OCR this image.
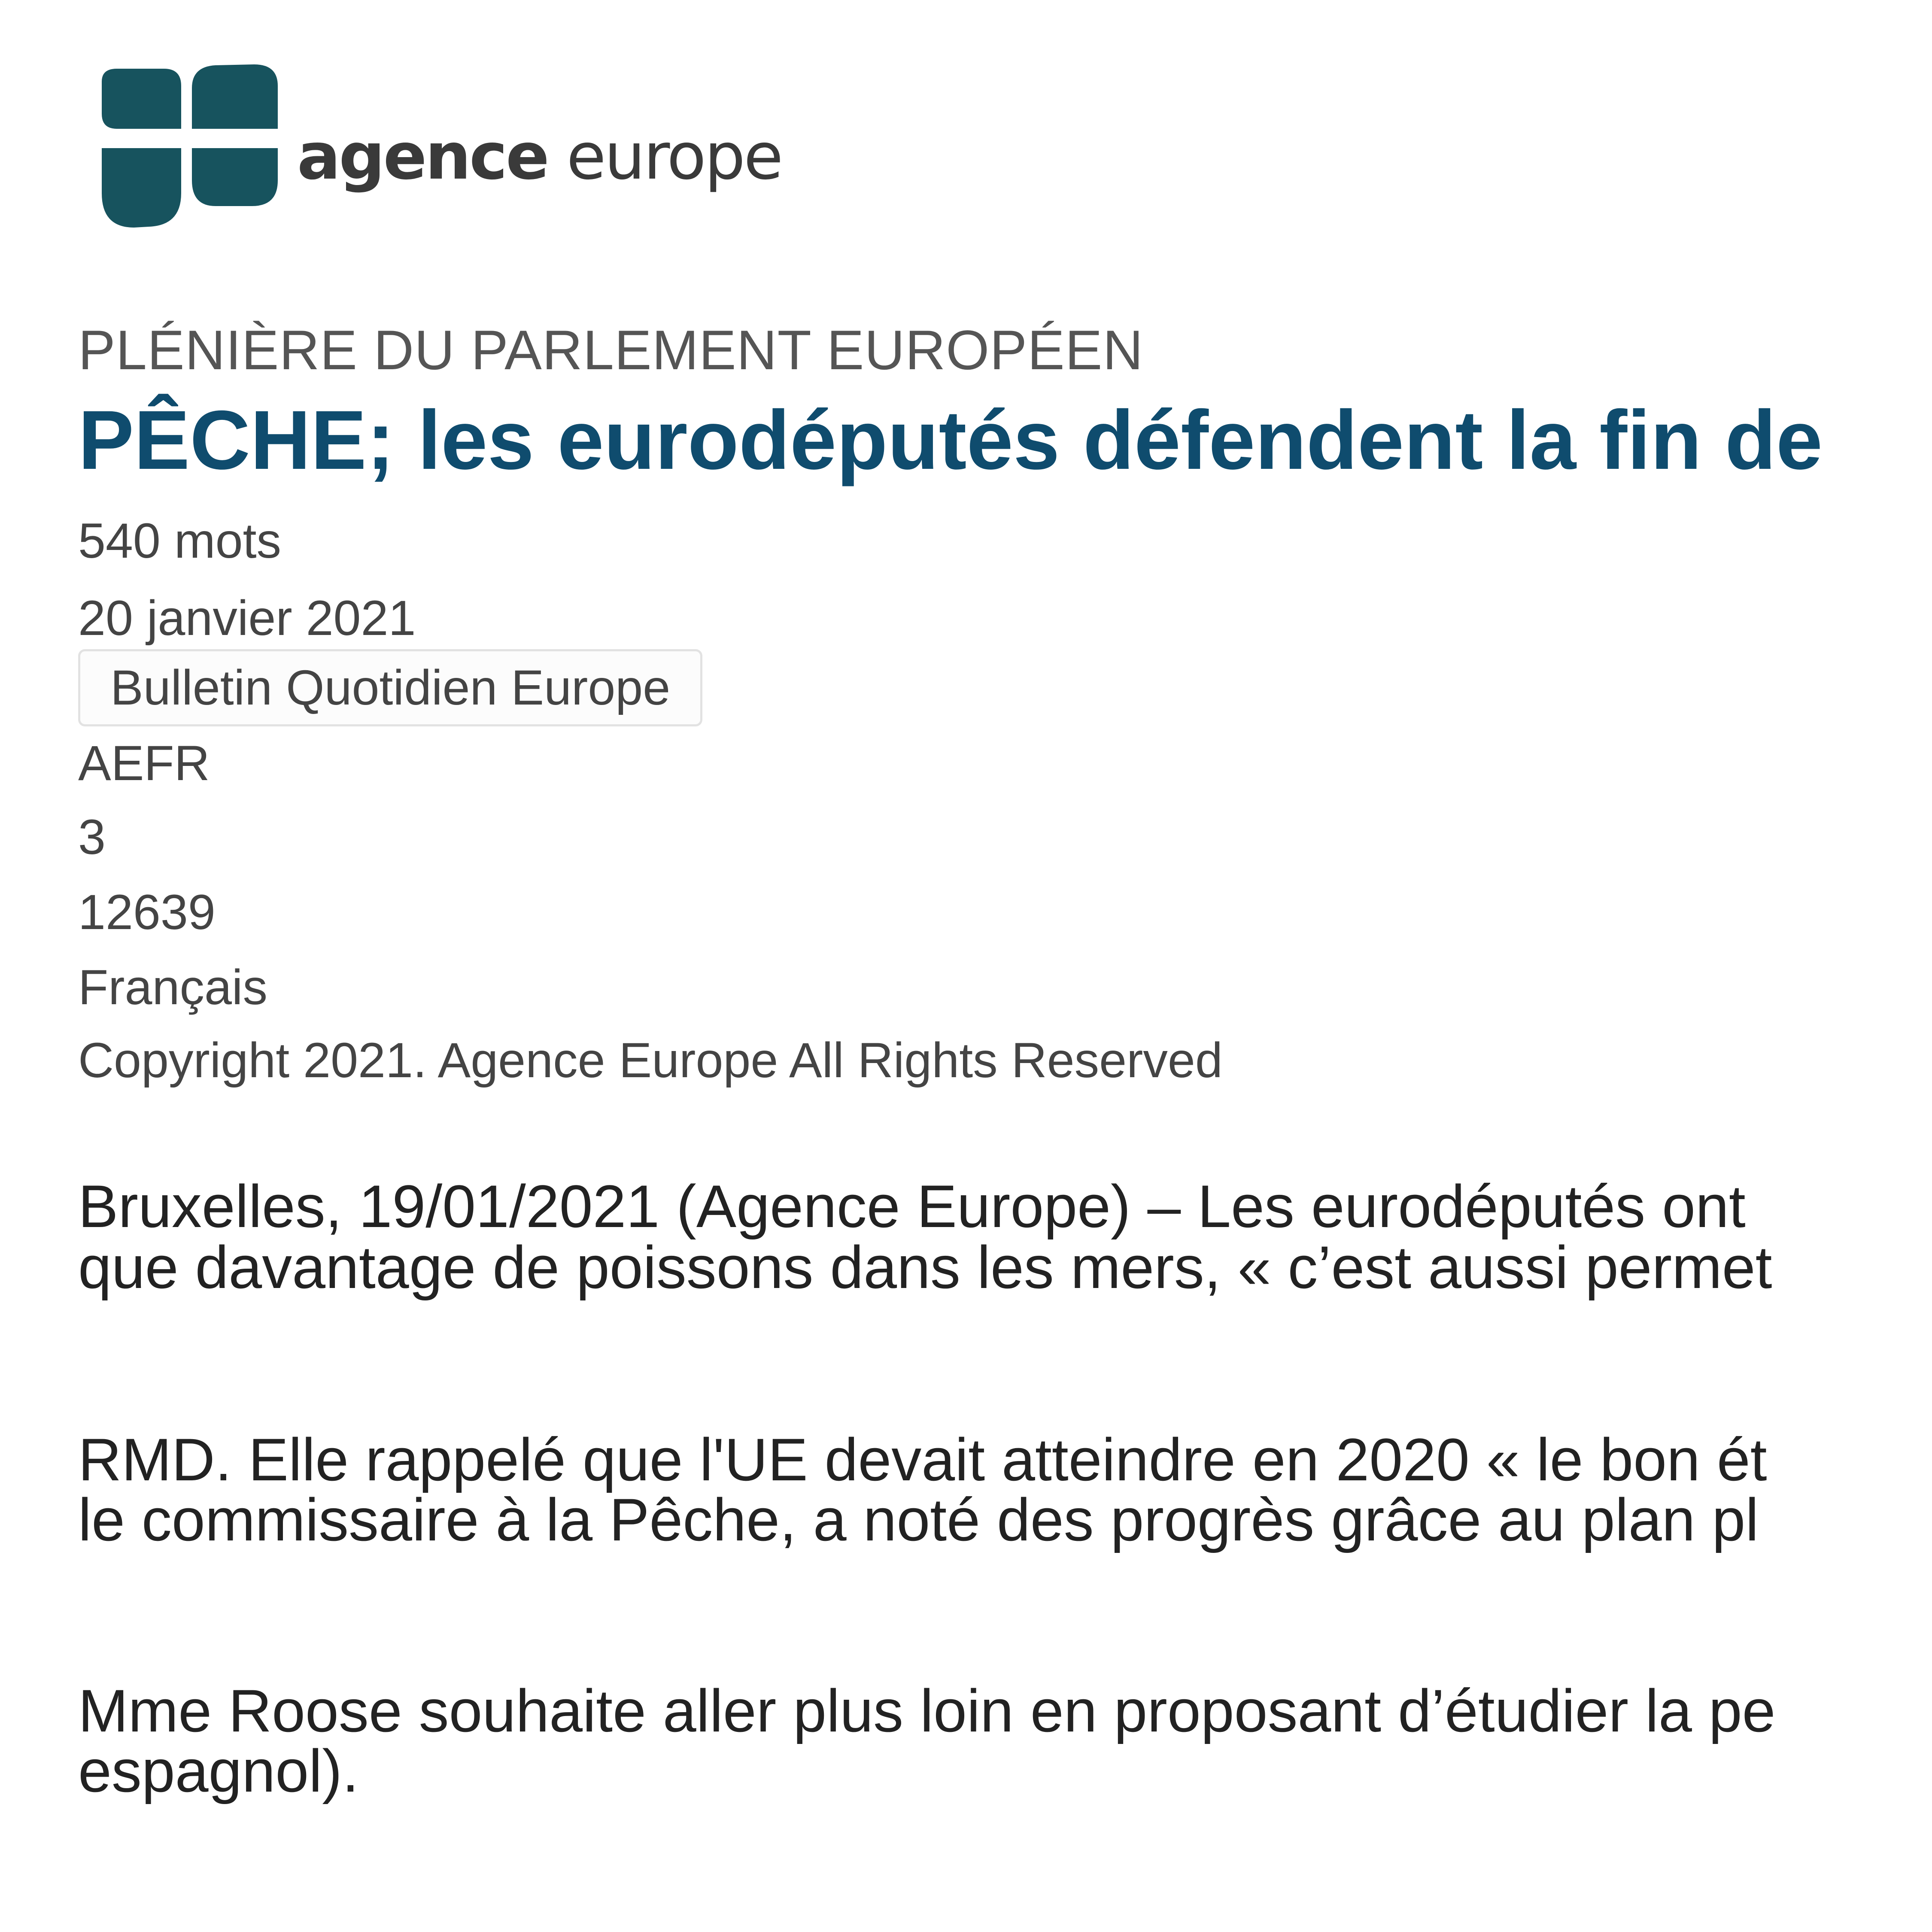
agence europe
PLÉNIÈRE DU PARLEMENT EUROPÉEN
PÊCHE; les eurodéputés défendent la fin de
540 mots
20 janvier 2021
Bulletin Quotidien Europe
AEFR
3
12639
Français
Copyright 2021. Agence Europe All Rights Reserved
Bruxelles, 19/01/2021 (Agence Europe) – Les eurodéputés ont
que davantage de poissons dans les mers, « c’est aussi permet
RMD. Elle rappelé que l'UE devait atteindre en 2020 « le bon ét
le commissaire à la Pêche, a noté des progrès grâce au plan pl
Mme Roose souhaite aller plus loin en proposant d’étudier la pe
espagnol).
